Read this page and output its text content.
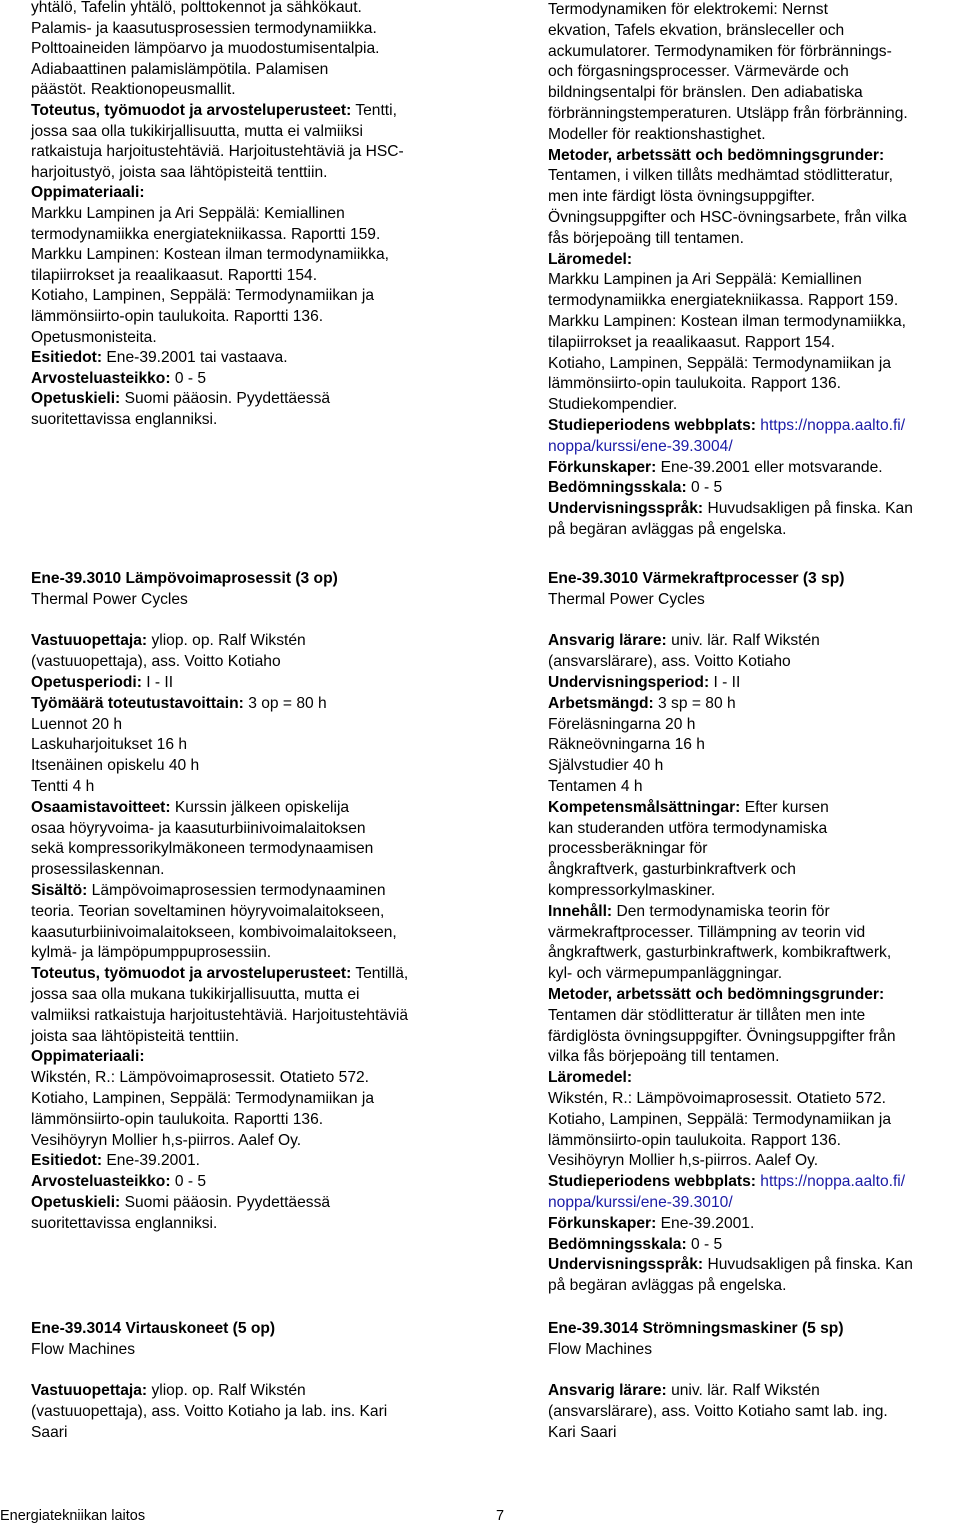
yhtälö, Tafelin yhtälö, polttokennot ja sähkökaut.
Palamis- ja kaasutusprosessien termodynamiikka.
Polttoaineiden lämpöarvo ja muodostumisentalpia.
Adiabaattinen palamislämpötila. Palamisen
päästöt. Reaktionopeusmallit.
Toteutus, työmuodot ja arvosteluperusteet: Tentti,
jossa saa olla tukikirjallisuutta, mutta ei valmiiksi
ratkaistuja harjoitustehtäviä. Harjoitustehtäviä ja HSC-
harjoitustyö, joista saa lähtöpisteitä tenttiin.
Oppimateriaali:
Markku Lampinen ja Ari Seppälä: Kemiallinen
termodynamiikka energiatekniikassa. Raportti 159.
Markku Lampinen: Kostean ilman termodynamiikka,
tilapiirrokset ja reaalikaasut. Raportti 154.
Kotiaho, Lampinen, Seppälä: Termodynamiikan ja
lämmönsiirto-opin taulukoita. Raportti 136.
Opetusmonisteita.
Esitiedot: Ene-39.2001 tai vastaava.
Arvosteluasteikko: 0 - 5
Opetuskieli: Suomi pääosin. Pyydettäessä
suoritettavissa englanniksi.
Ene-39.3010 Lämpövoimaprosessit (3 op)
Thermal Power Cycles
Vastuuopettaja: yliop. op. Ralf Wikstén
(vastuuopettaja), ass. Voitto Kotiaho
Opetusperiodi: I - II
Työmäärä toteutustavoittain: 3 op = 80 h
Luennot 20 h
Laskuharjoitukset 16 h
Itsenäinen opiskelu 40 h
Tentti 4 h
Osaamistavoitteet: Kurssin jälkeen opiskelija
osaa höyryvoima- ja kaasuturbiinivoimalaitoksen
sekä kompressorikylmäkoneen termodynaamisen
prosessilaskennan.
Sisältö: Lämpövoimaprosessien termodynaaminen
teoria. Teorian soveltaminen höyryvoimalaitokseen,
kaasuturbiinivoimalaitokseen, kombivoimalaitokseen,
kylmä- ja lämpöpumppuprosessiin.
Toteutus, työmuodot ja arvosteluperusteet: Tentillä,
jossa saa olla mukana tukikirjallisuutta, mutta ei
valmiiksi ratkaistuja harjoitustehtäviä. Harjoitustehtäviä
joista saa lähtöpisteitä tenttiin.
Oppimateriaali:
Wikstén, R.: Lämpövoimaprosessit. Otatieto 572.
Kotiaho, Lampinen, Seppälä: Termodynamiikan ja
lämmönsiirto-opin taulukoita. Raportti 136.
Vesihöyryn Mollier h,s-piirros. Aalef Oy.
Esitiedot: Ene-39.2001.
Arvosteluasteikko: 0 - 5
Opetuskieli: Suomi pääosin. Pyydettäessä
suoritettavissa englanniksi.
Ene-39.3014 Virtauskoneet (5 op)
Flow Machines
Vastuuopettaja: yliop. op. Ralf Wikstén
(vastuuopettaja), ass. Voitto Kotiaho ja lab. ins. Kari
Saari
Termodynamiken för elektrokemi: Nernst
ekvation, Tafels ekvation, bränsleceller och
ackumulatorer. Termodynamiken för förbrännings-
och förgasningsprocesser. Värmevärde och
bildningsentalpi för bränslen. Den adiabatiska
förbränningstemperaturen. Utsläpp från förbränning.
Modeller för reaktionshastighet.
Metoder, arbetssätt och bedömningsgrunder:
Tentamen, i vilken tillåts medhämtad stödlitteratur,
men inte färdigt lösta övningsuppgifter.
Övningsuppgifter och HSC-övningsarbete, från vilka
fås börjepoäng till tentamen.
Läromedel:
Markku Lampinen ja Ari Seppälä: Kemiallinen
termodynamiikka energiatekniikassa. Rapport 159.
Markku Lampinen: Kostean ilman termodynamiikka,
tilapiirrokset ja reaalikaasut. Rapport 154.
Kotiaho, Lampinen, Seppälä: Termodynamiikan ja
lämmönsiirto-opin taulukoita. Rapport 136.
Studiekompendier.
Studieperiodens webbplats: https://noppa.aalto.fi/
noppa/kurssi/ene-39.3004/
Förkunskaper: Ene-39.2001 eller motsvarande.
Bedömningsskala: 0 - 5
Undervisningsspråk: Huvudsakligen på finska. Kan
på begäran avläggas på engelska.
Ene-39.3010 Värmekraftprocesser (3 sp)
Thermal Power Cycles
Ansvarig lärare: univ. lär. Ralf Wikstén
(ansvarslärare), ass. Voitto Kotiaho
Undervisningsperiod: I - II
Arbetsmängd: 3 sp = 80 h
Föreläsningarna 20 h
Räkneövningarna 16 h
Självstudier 40 h
Tentamen 4 h
Kompetensmålsättningar: Efter kursen
kan studeranden utföra termodynamiska
processberäkningar för
ångkraftverk, gasturbinkraftverk och
kompressorkylmaskiner.
Innehåll: Den termodynamiska teorin för
värmekraftprocesser. Tillämpning av teorin vid
ångkraftwerk, gasturbinkraftwerk, kombikraftwerk,
kyl- och värmepumpanläggningar.
Metoder, arbetssätt och bedömningsgrunder:
Tentamen där stödlitteratur är tillåten men inte
färdiglösta övningsuppgifter. Övningsuppgifter från
vilka fås börjepoäng till tentamen.
Läromedel:
Wikstén, R.: Lämpövoimaprosessit. Otatieto 572.
Kotiaho, Lampinen, Seppälä: Termodynamiikan ja
lämmönsiirto-opin taulukoita. Rapport 136.
Vesihöyryn Mollier h,s-piirros. Aalef Oy.
Studieperiodens webbplats: https://noppa.aalto.fi/
noppa/kurssi/ene-39.3010/
Förkunskaper: Ene-39.2001.
Bedömningsskala: 0 - 5
Undervisningsspråk: Huvudsakligen på finska. Kan
på begäran avläggas på engelska.
Ene-39.3014 Strömningsmaskiner (5 sp)
Flow Machines
Ansvarig lärare: univ. lär. Ralf Wikstén
(ansvarslärare), ass. Voitto Kotiaho samt lab. ing.
Kari Saari
Energiatekniikan laitos	7
